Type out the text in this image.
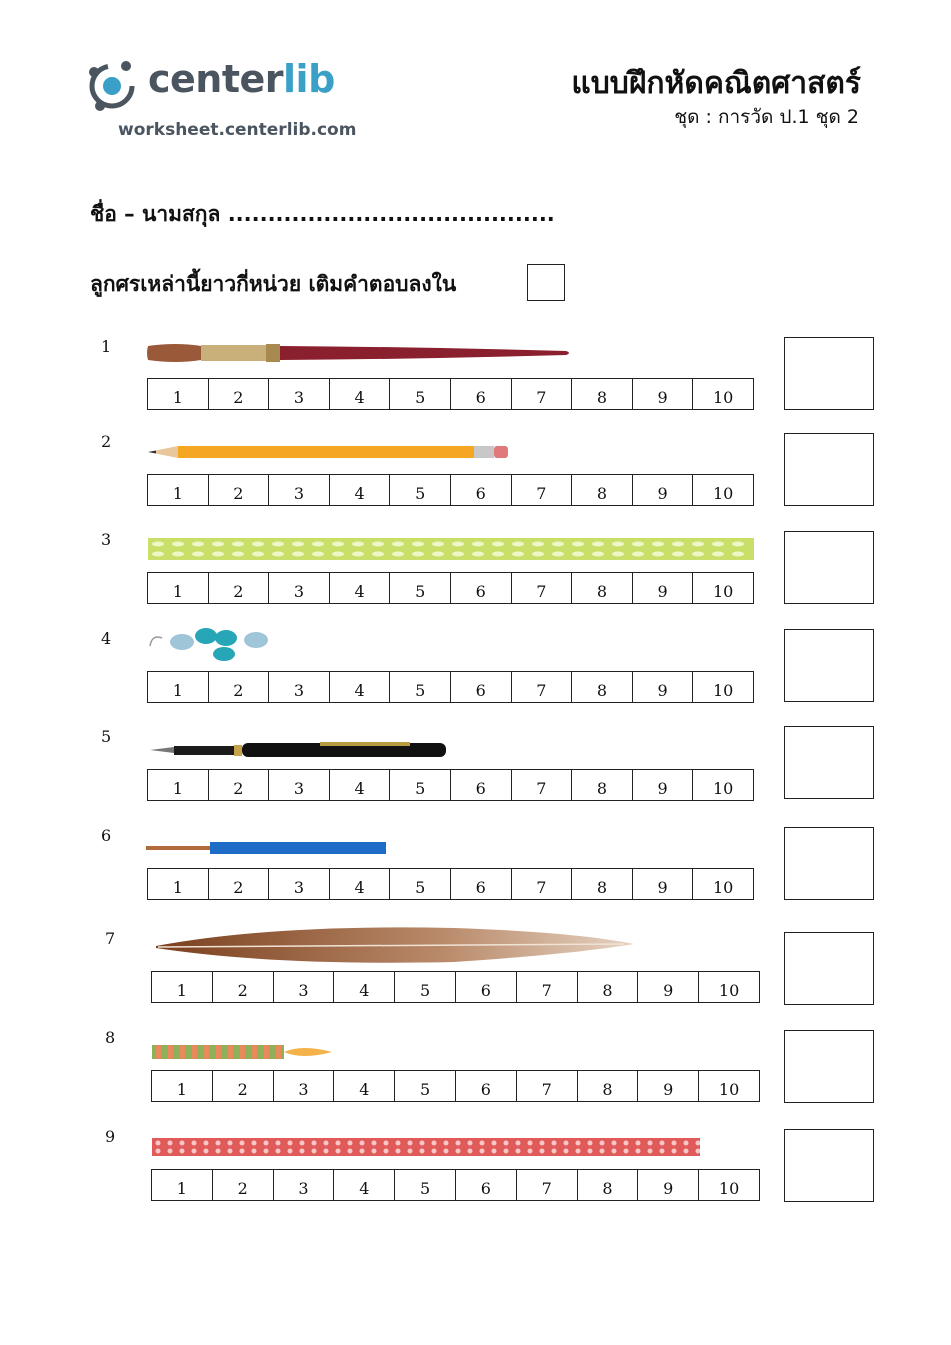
centerlib
worksheet.centerlib.com
แบบฝึกหัดคณิตศาสตร์
ชุด : การวัด ป.1 ชุด 2
ชื่อ – นามสกุล .........................................
ลูกศรเหล่านี้ยาวกี่หน่วย เติมคำตอบลงใน
1
1	2	3	4	5	6	7	8	9	10
2
1	2	3	4	5	6	7	8	9	10
3
1	2	3	4	5	6	7	8	9	10
4
1	2	3	4	5	6	7	8	9	10
5
1	2	3	4	5	6	7	8	9	10
6
1	2	3	4	5	6	7	8	9	10
7
1	2	3	4	5	6	7	8	9	10
8
1	2	3	4	5	6	7	8	9	10
9
1	2	3	4	5	6	7	8	9	10
